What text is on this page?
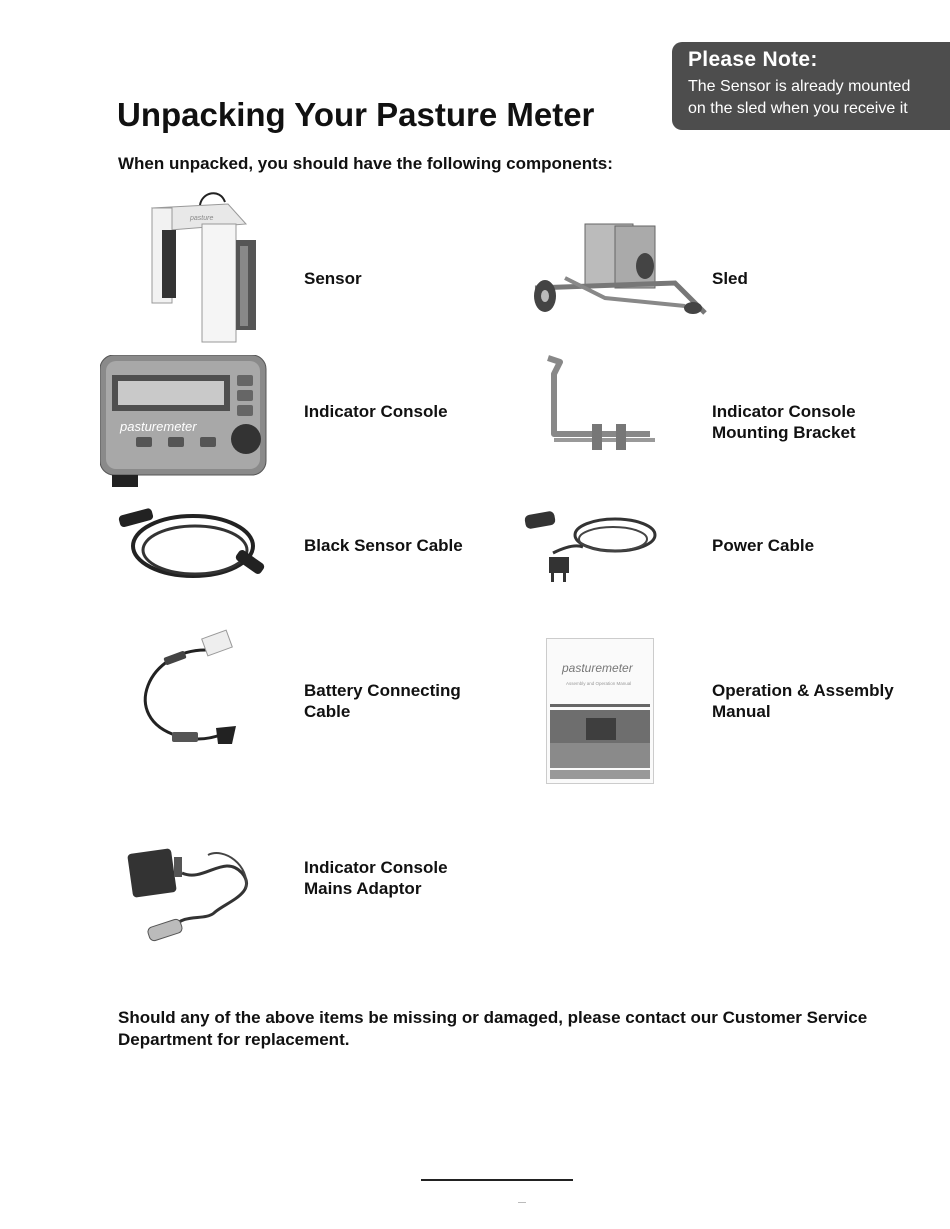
Please Note:
The Sensor is already mounted
on the sled when you receive it
Unpacking Your Pasture Meter

When unpacked, you should have the following components:

pasture
Sensor	Sled
pasturemeter
Indicator Console	Indicator Console
Mounting Bracket
Black Sensor Cable	Power Cable
Battery Connecting
Cable
pasturemeter
Assembly and Operation Manual	Operation & Assembly
Manual
Indicator Console
Mains Adaptor

Should any of the above items be missing or damaged, please contact our Customer Service Department for replacement.
